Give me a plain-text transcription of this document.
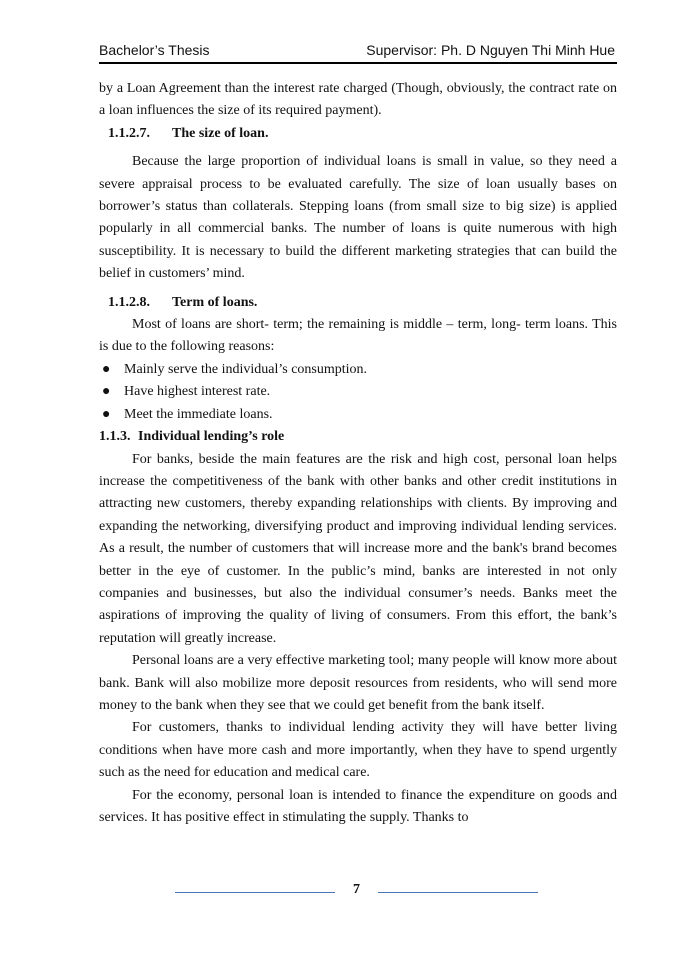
Bachelor’s Thesis	Supervisor: Ph. D Nguyen Thi Minh Hue

by a Loan Agreement than the interest rate charged (Though, obviously, the contract rate on a loan influences the size of its required payment).

1.1.2.7. The size of loan.

Because the large proportion of individual loans is small in value, so they need a severe appraisal process to be evaluated carefully. The size of loan usually bases on borrower’s status than collaterals. Stepping loans (from small size to big size) is applied popularly in all commercial banks. The number of loans is quite numerous with high susceptibility. It is necessary to build the different marketing strategies that can build the belief in customers’ mind.

1.1.2.8. Term of loans.

Most of loans are short- term; the remaining is middle – term, long- term loans. This is due to the following reasons:

● Mainly serve the individual’s consumption.
● Have highest interest rate.
● Meet the immediate loans.
1.1.3. Individual lending’s role

For banks, beside the main features are the risk and high cost, personal loan helps increase the competitiveness of the bank with other banks and other credit institutions in attracting new customers, thereby expanding relationships with clients. By improving and expanding the networking, diversifying product and improving individual lending services. As a result, the number of customers that will increase more and the bank's brand becomes better in the eye of customer. In the public’s mind, banks are interested in not only companies and businesses, but also the individual consumer’s needs. Banks meet the aspirations of improving the quality of living of consumers. From this effort, the bank’s reputation will greatly increase.

Personal loans are a very effective marketing tool; many people will know more about bank. Bank will also mobilize more deposit resources from residents, who will send more money to the bank when they see that we could get benefit from the bank itself.

For customers, thanks to individual lending activity they will have better living conditions when have more cash and more importantly, when they have to spend urgently such as the need for education and medical care.

For the economy, personal loan is intended to finance the expenditure on goods and services. It has positive effect in stimulating the supply. Thanks to

7
